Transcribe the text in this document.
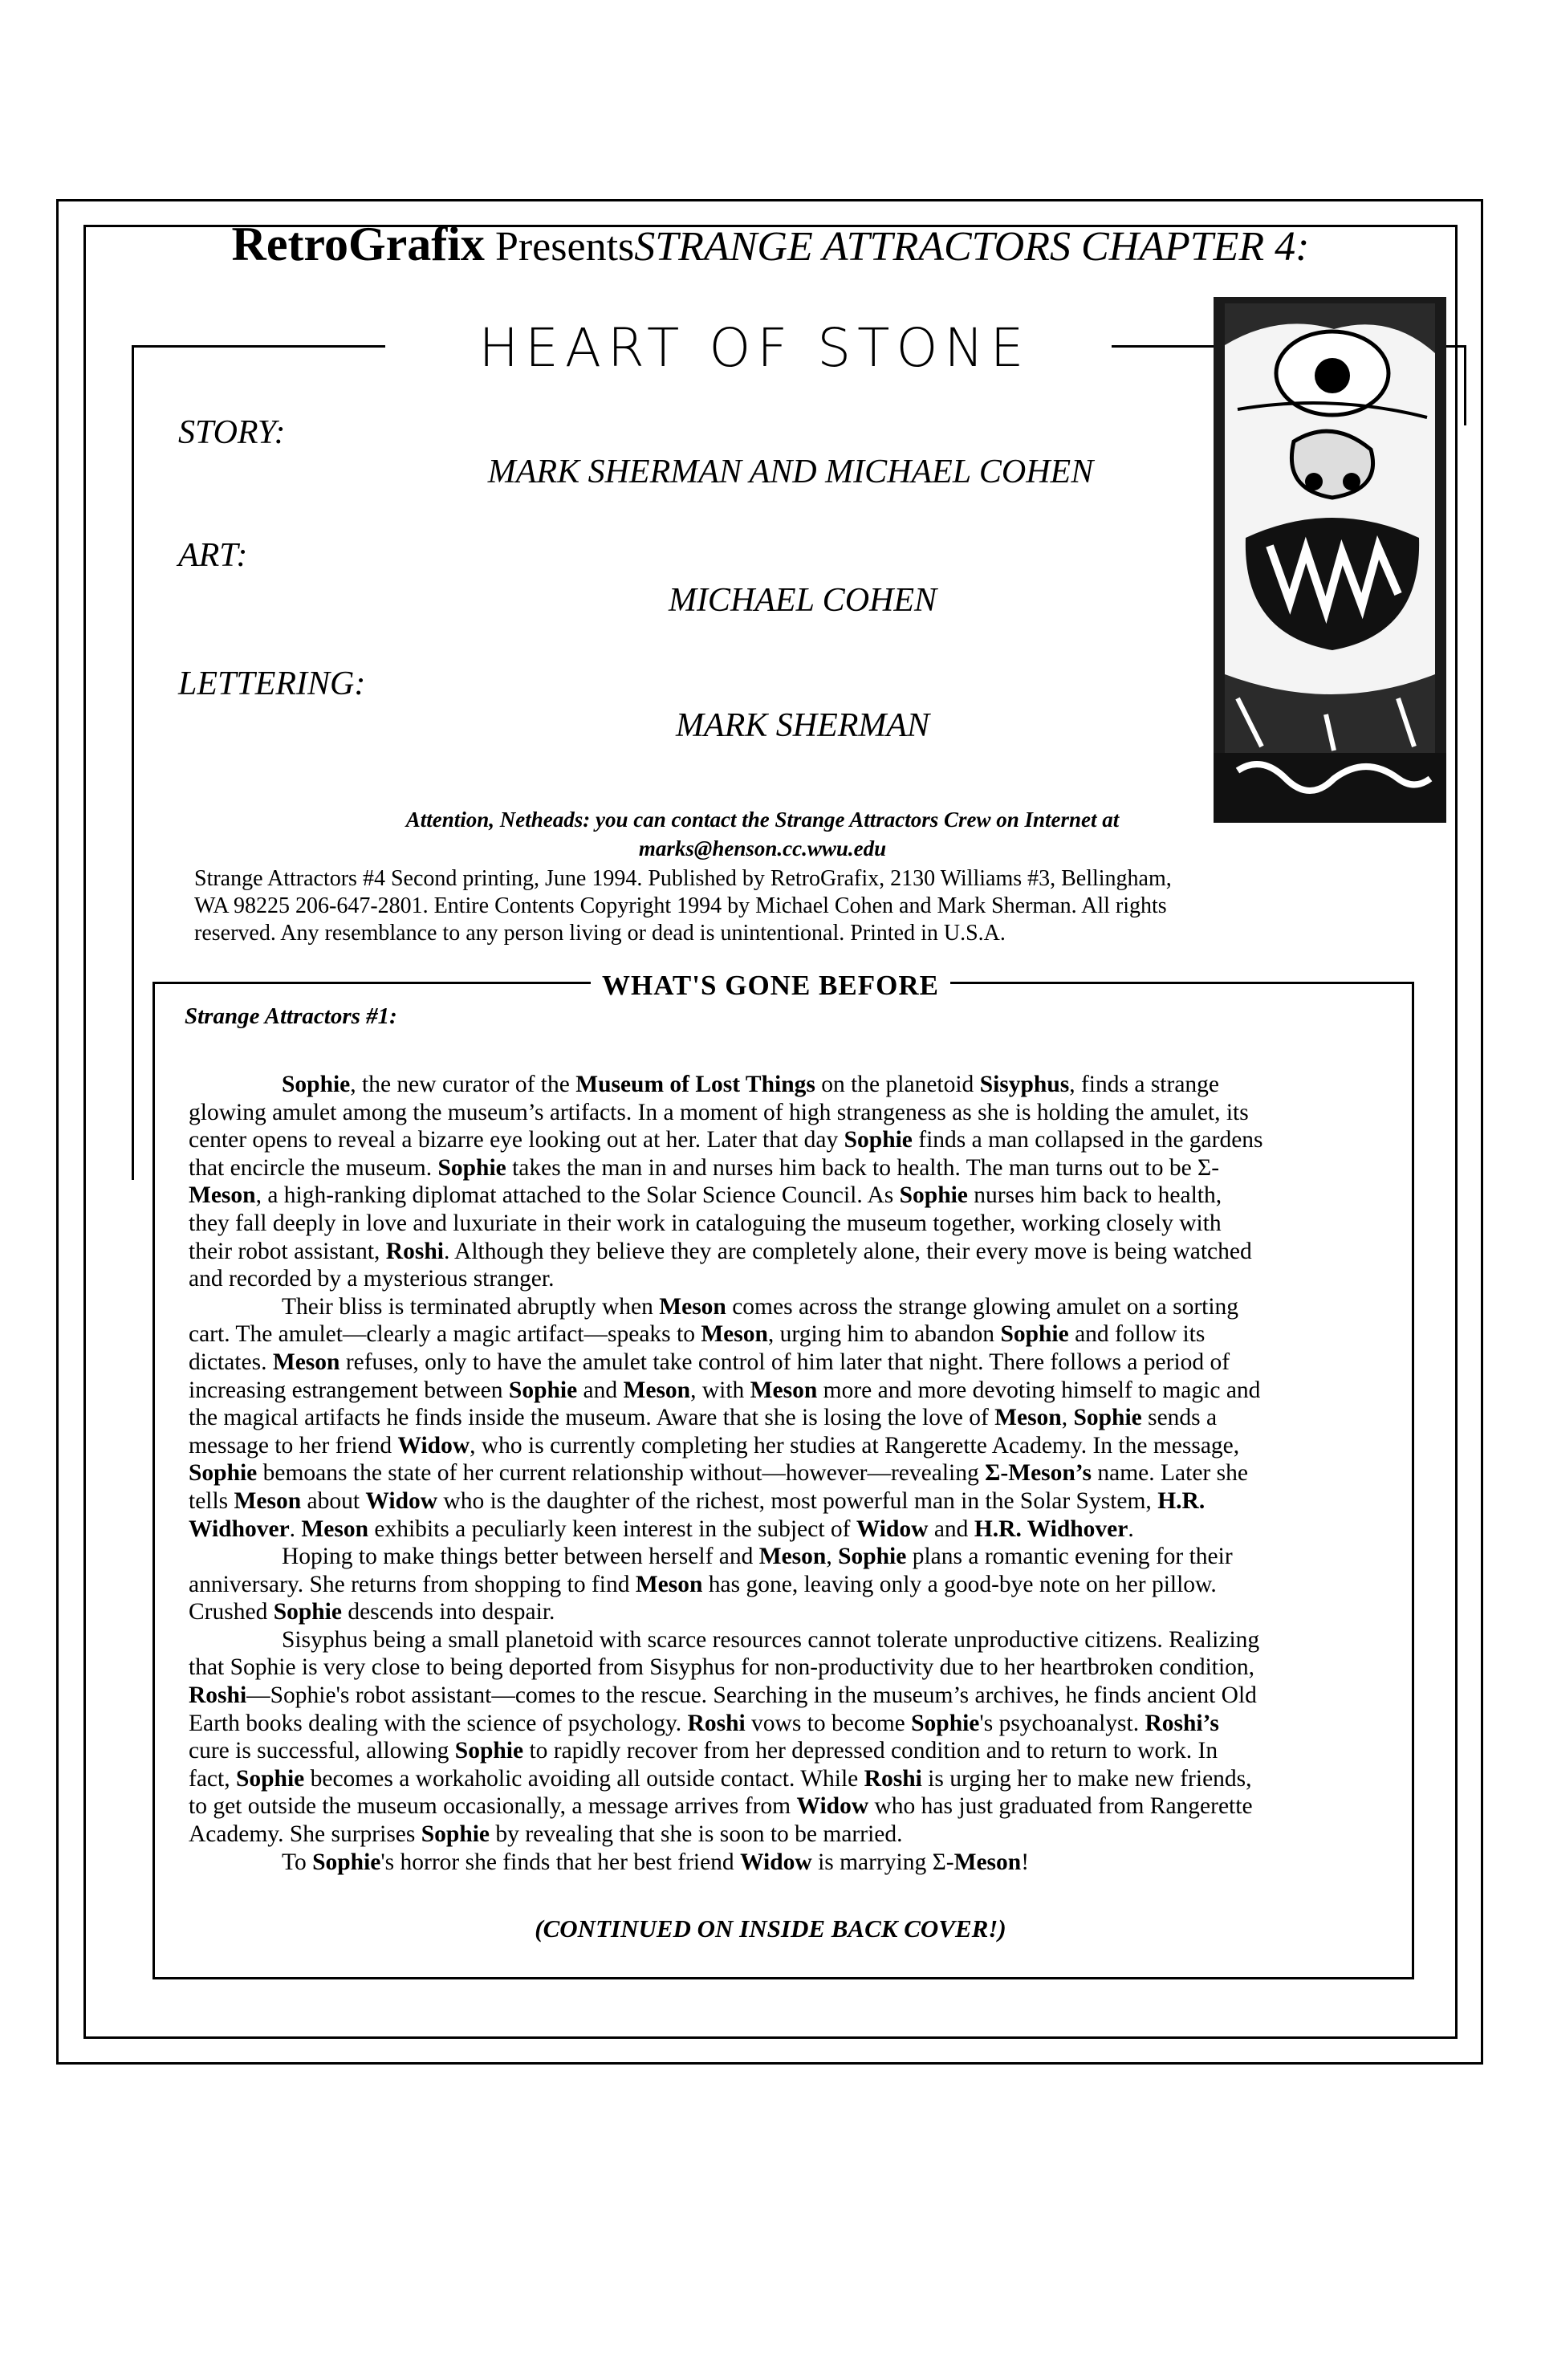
RetroGrafix PresentsSTRANGE ATTRACTORS CHAPTER 4:
HEART OF STONE
STORY:
MARK SHERMAN AND MICHAEL COHEN
ART:
MICHAEL COHEN
LETTERING:
MARK SHERMAN
Attention, Netheads: you can contact the Strange Attractors Crew on Internet at
marks@henson.cc.wwu.edu

Strange Attractors #4 Second printing, June 1994. Published by RetroGrafix, 2130 Williams #3, Bellingham,

WA 98225 206-647-2801. Entire Contents Copyright 1994 by Michael Cohen and Mark Sherman. All rights

reserved. Any resemblance to any person living or dead is unintentional. Printed in U.S.A.

WHAT'S GONE BEFORE
Strange Attractors #1:

Sophie, the new curator of the Museum of Lost Things on the planetoid Sisyphus, finds a strange

glowing amulet among the museum’s artifacts. In a moment of high strangeness as she is holding the amulet, its

center opens to reveal a bizarre eye looking out at her. Later that day Sophie finds a man collapsed in the gardens

that encircle the museum. Sophie takes the man in and nurses him back to health. The man turns out to be Σ-

Meson, a high-ranking diplomat attached to the Solar Science Council. As Sophie nurses him back to health,

they fall deeply in love and luxuriate in their work in cataloguing the museum together, working closely with

their robot assistant, Roshi. Although they believe they are completely alone, their every move is being watched

and recorded by a mysterious stranger.

Their bliss is terminated abruptly when Meson comes across the strange glowing amulet on a sorting

cart. The amulet—clearly a magic artifact—speaks to Meson, urging him to abandon Sophie and follow its

dictates. Meson refuses, only to have the amulet take control of him later that night. There follows a period of

increasing estrangement between Sophie and Meson, with Meson more and more devoting himself to magic and

the magical artifacts he finds inside the museum. Aware that she is losing the love of Meson, Sophie sends a

message to her friend Widow, who is currently completing her studies at Rangerette Academy. In the message,

Sophie bemoans the state of her current relationship without—however—revealing Σ-Meson’s name. Later she

tells Meson about Widow who is the daughter of the richest, most powerful man in the Solar System, H.R.

Widhover. Meson exhibits a peculiarly keen interest in the subject of Widow and H.R. Widhover.

Hoping to make things better between herself and Meson, Sophie plans a romantic evening for their

anniversary. She returns from shopping to find Meson has gone, leaving only a good-bye note on her pillow.

Crushed Sophie descends into despair.

Sisyphus being a small planetoid with scarce resources cannot tolerate unproductive citizens. Realizing

that Sophie is very close to being deported from Sisyphus for non-productivity due to her heartbroken condition,

Roshi—Sophie's robot assistant—comes to the rescue. Searching in the museum’s archives, he finds ancient Old

Earth books dealing with the science of psychology. Roshi vows to become Sophie's psychoanalyst. Roshi’s

cure is successful, allowing Sophie to rapidly recover from her depressed condition and to return to work. In

fact, Sophie becomes a workaholic avoiding all outside contact. While Roshi is urging her to make new friends,

to get outside the museum occasionally, a message arrives from Widow who has just graduated from Rangerette

Academy. She surprises Sophie by revealing that she is soon to be married.

To Sophie's horror she finds that her best friend Widow is marrying Σ-Meson!

(CONTINUED ON INSIDE BACK COVER!)
